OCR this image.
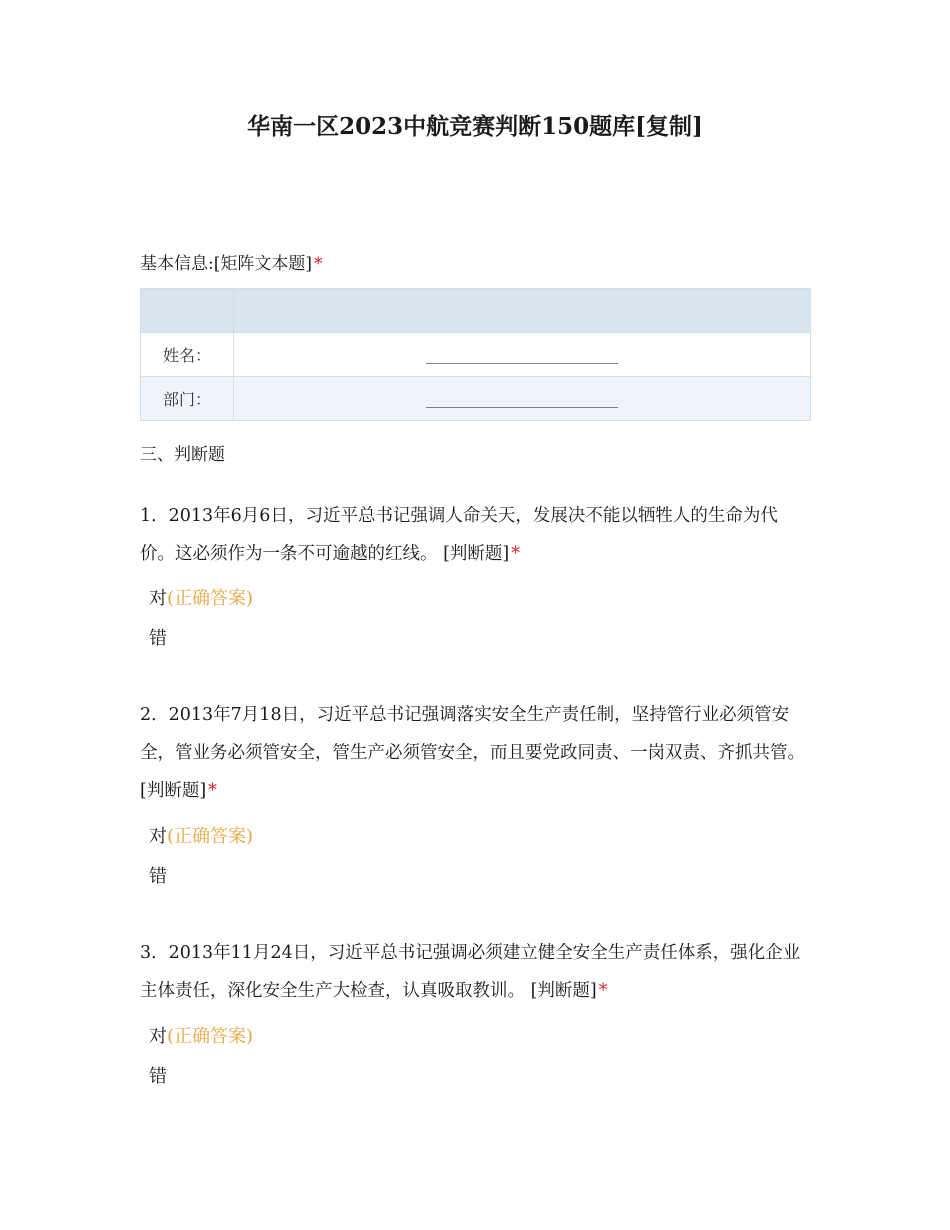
华南一区2023中航竞赛判断150题库[复制]
基本信息:[矩阵文本题] *

姓名：	________________________
部门：	________________________
三、判断题
1．2013年6月6日，习近平总书记强调人命关天，发展决不能以牺牲人的生命为代价。这必须作为一条不可逾越的红线。 [判断题] *
对(正确答案)
错
2．2013年7月18日，习近平总书记强调落实安全生产责任制，坚持管行业必须管安全，管业务必须管安全，管生产必须管安全，而且要党政同责、一岗双责、齐抓共管。 [判断题] *
对(正确答案)
错
3．2013年11月24日，习近平总书记强调必须建立健全安全生产责任体系，强化企业主体责任，深化安全生产大检查，认真吸取教训。 [判断题] *
对(正确答案)
错
